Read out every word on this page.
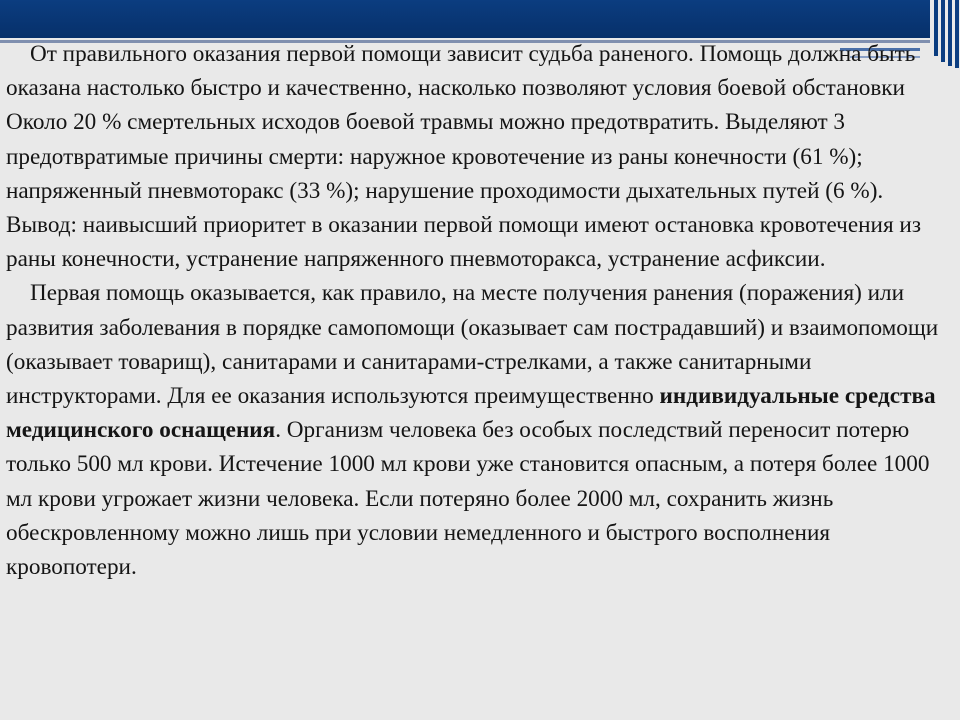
От правильного оказания первой помощи зависит судьба раненого. Помощь должна быть оказана настолько быстро и качественно, насколько позволяют условия боевой обстановки Около 20 % смертельных исходов боевой травмы можно предотвратить. Выделяют 3 предотвратимые причины смерти: наружное кровотечение из раны конечности (61 %); напряженный пневмоторакс (33 %); нарушение проходимости дыхательных путей (6 %). Вывод: наивысший приоритет в оказании первой помощи имеют остановка кровотечения из раны конечности, устранение напряженного пневмоторакса, устранение асфиксии.

Первая помощь оказывается, как правило, на месте получения ранения (поражения) или развития заболевания в порядке самопомощи (оказывает сам пострадавший) и взаимопомощи (оказывает товарищ), санитарами и санитарами-стрелками, а также санитарными инструкторами. Для ее оказания используются преимущественно индивидуальные средства медицинского оснащения. Организм человека без особых последствий переносит потерю только 500 мл крови. Истечение 1000 мл крови уже становится опасным, а потеря более 1000 мл крови угрожает жизни человека. Если потеряно более 2000 мл, сохранить жизнь обескровленному можно лишь при условии немедленного и быстрого восполнения кровопотери.
